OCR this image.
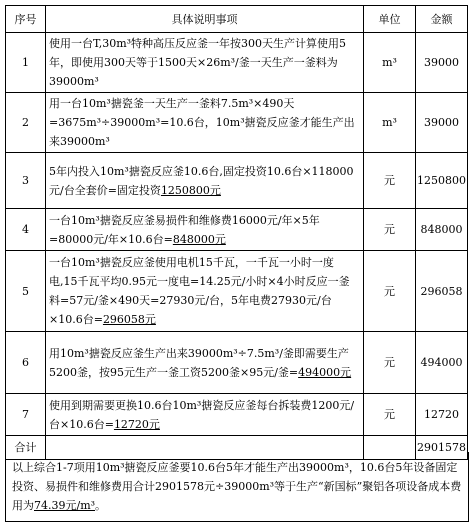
序号	具体说明事项	单位	金额
1	使用一台T,30m³特种高压反应釜一年按300天生产计算使用5年，即使用300天等于1500天×26m³/釜一天生产一釜料为39000m³	m³	39000
2	用一台10m³搪瓷釜一天生产一釜料7.5m³×490天=3675m³÷39000m³=10.6台，10m³搪瓷反应釜才能生产出来39000m³	m³	39000
3	5年内投入10m³搪瓷反应釜10.6台,固定投资10.6台×118000元/台全套价=固定投资1250800元	元	1250800
4	一台10m³搪瓷反应釜易损件和维修费16000元/年×5年=80000元/年×10.6台=848000元	元	848000
5	一台10m³搪瓷反应釜使用电机15千瓦，一千瓦一小时一度电,15千瓦平均0.95元一度电=14.25元/小时×4小时反应一釜料=57元/釜×490天=27930元/台，5年电费27930元/台×10.6台=296058元	元	296058
6	用10m³搪瓷反应釜生产出来39000m³÷7.5m³/釜即需要生产5200釜，按95元生产一釜工资5200釜×95元/釜=494000元	元	494000
7	使用到期需要更换10.6台10m³搪瓷反应釜每台拆装费1200元/台×10.6台=12720元	元	12720
合计			2901578
以上综合1-7项用10m³搪瓷反应釜要10.6台5年才能生产出39000m³，10.6台5年设备固定投资、易损件和维修费用合计2901578元÷39000m³等于生产“新国标”聚铝各项设备成本费用为74.39元/m³。
